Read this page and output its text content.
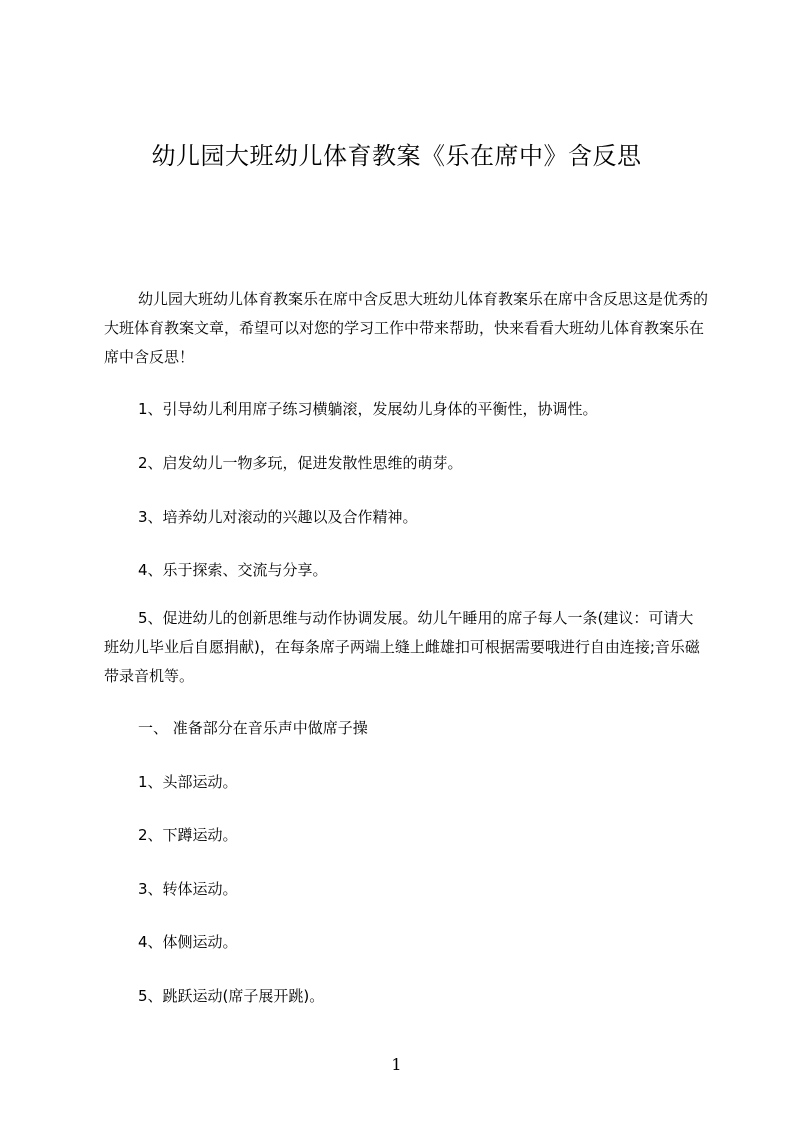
幼儿园大班幼儿体育教案《乐在席中》含反思

幼儿园大班幼儿体育教案乐在席中含反思大班幼儿体育教案乐在席中含反思这是优秀的大班体育教案文章，希望可以对您的学习工作中带来帮助，快来看看大班幼儿体育教案乐在席中含反思！

1、引导幼儿利用席子练习横躺滚，发展幼儿身体的平衡性，协调性。

2、启发幼儿一物多玩，促进发散性思维的萌芽。

3、培养幼儿对滚动的兴趣以及合作精神。

4、乐于探索、交流与分享。

5、促进幼儿的创新思维与动作协调发展。幼儿午睡用的席子每人一条(建议：可请大班幼儿毕业后自愿捐献)，在每条席子两端上缝上雌雄扣可根据需要哦进行自由连接;音乐磁带录音机等。

一、 准备部分在音乐声中做席子操

1、头部运动。

2、下蹲运动。

3、转体运动。

4、体侧运动。

5、跳跃运动(席子展开跳)。

1
